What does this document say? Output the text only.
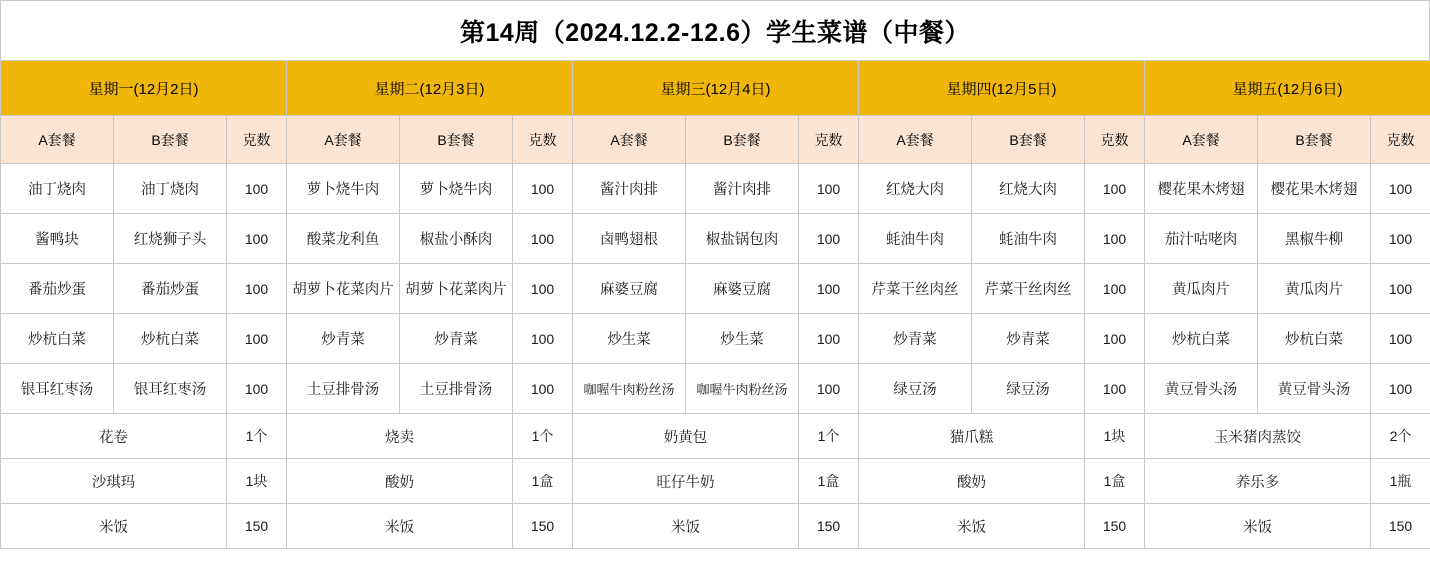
第14周（2024.12.2-12.6）学生菜谱（中餐）
星期一(12月2日)			星期二(12月3日)			星期三(12月4日)			星期四(12月5日)			星期五(12月6日)		
A套餐	B套餐	克数	A套餐	B套餐	克数	A套餐	B套餐	克数	A套餐	B套餐	克数	A套餐	B套餐	克数
油丁烧肉	油丁烧肉	100	萝卜烧牛肉	萝卜烧牛肉	100	酱汁肉排	酱汁肉排	100	红烧大肉	红烧大肉	100	樱花果木烤翅	樱花果木烤翅	100
酱鸭块	红烧狮子头	100	酸菜龙利鱼	椒盐小酥肉	100	卤鸭翅根	椒盐锅包肉	100	蚝油牛肉	蚝油牛肉	100	茄汁咕咾肉	黑椒牛柳	100
番茄炒蛋	番茄炒蛋	100	胡萝卜花菜肉片	胡萝卜花菜肉片	100	麻婆豆腐	麻婆豆腐	100	芹菜干丝肉丝	芹菜干丝肉丝	100	黄瓜肉片	黄瓜肉片	100
炒杭白菜	炒杭白菜	100	炒青菜	炒青菜	100	炒生菜	炒生菜	100	炒青菜	炒青菜	100	炒杭白菜	炒杭白菜	100
银耳红枣汤	银耳红枣汤	100	土豆排骨汤	土豆排骨汤	100	咖喔牛肉粉丝汤	咖喔牛肉粉丝汤	100	绿豆汤	绿豆汤	100	黄豆骨头汤	黄豆骨头汤	100
花卷		1个	烧卖		1个	奶黄包		1个	猫爪糕		1块	玉米猪肉蒸饺		2个
沙琪玛		1块	酸奶		1盒	旺仔牛奶		1盒	酸奶		1盒	养乐多		1瓶
米饭		150	米饭		150	米饭		150	米饭		150	米饭		150
